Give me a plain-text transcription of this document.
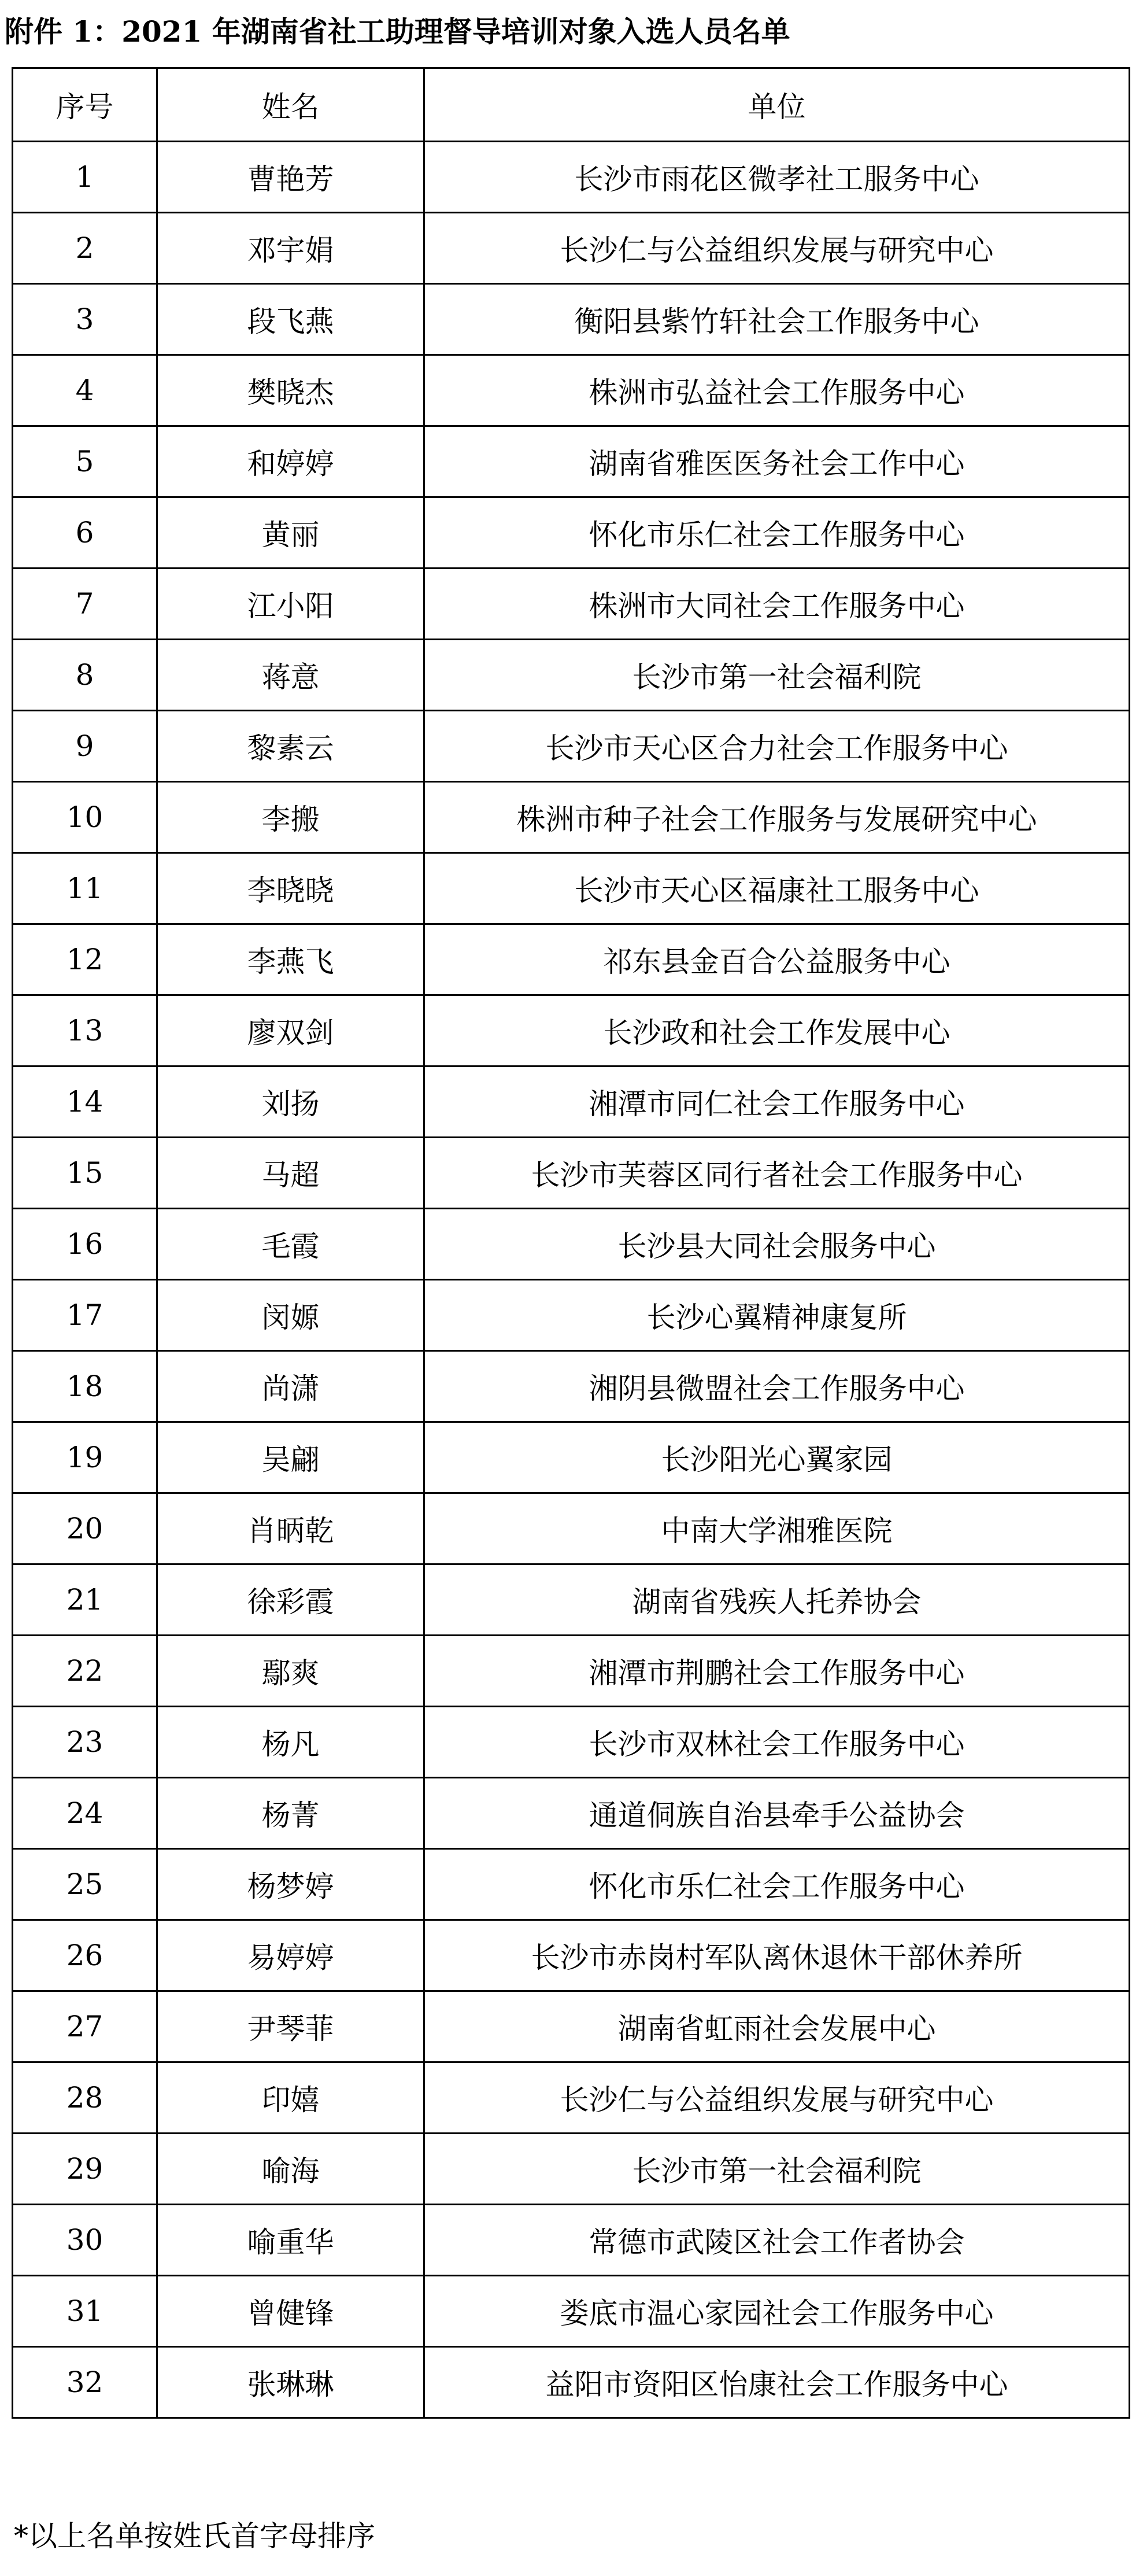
附件 1：2021 年湖南省社工助理督导培训对象入选人员名单
序号	姓名	单位
1	曹艳芳	长沙市雨花区微孝社工服务中心
2	邓宇娟	长沙仁与公益组织发展与研究中心
3	段飞燕	衡阳县紫竹轩社会工作服务中心
4	樊晓杰	株洲市弘益社会工作服务中心
5	和婷婷	湖南省雅医医务社会工作中心
6	黄丽	怀化市乐仁社会工作服务中心
7	江小阳	株洲市大同社会工作服务中心
8	蒋意	长沙市第一社会福利院
9	黎素云	长沙市天心区合力社会工作服务中心
10	李搬	株洲市种子社会工作服务与发展研究中心
11	李晓晓	长沙市天心区福康社工服务中心
12	李燕飞	祁东县金百合公益服务中心
13	廖双剑	长沙政和社会工作发展中心
14	刘扬	湘潭市同仁社会工作服务中心
15	马超	长沙市芙蓉区同行者社会工作服务中心
16	毛霞	长沙县大同社会服务中心
17	闵嫄	长沙心翼精神康复所
18	尚潇	湘阴县微盟社会工作服务中心
19	吴翩	长沙阳光心翼家园
20	肖昞乾	中南大学湘雅医院
21	徐彩霞	湖南省残疾人托养协会
22	鄢爽	湘潭市荆鹏社会工作服务中心
23	杨凡	长沙市双林社会工作服务中心
24	杨菁	通道侗族自治县牵手公益协会
25	杨梦婷	怀化市乐仁社会工作服务中心
26	易婷婷	长沙市赤岗村军队离休退休干部休养所
27	尹琴菲	湖南省虹雨社会发展中心
28	印嬉	长沙仁与公益组织发展与研究中心
29	喻海	长沙市第一社会福利院
30	喻重华	常德市武陵区社会工作者协会
31	曾健锋	娄底市温心家园社会工作服务中心
32	张琳琳	益阳市资阳区怡康社会工作服务中心
*以上名单按姓氏首字母排序
